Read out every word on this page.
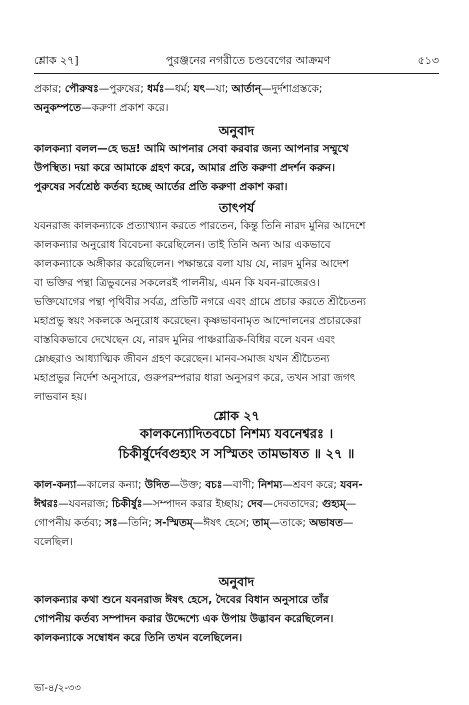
শ্লোক ২৭]	পুরঞ্জনের নগরীতে চণ্ডবেগের আক্রমণ	৫১৩

প্রকার; পৌরুষঃ—পুরুষের; ধর্মঃ—ধর্ম; যৎ—যা; আর্তান্—দুর্দশাগ্রস্তকে;

অনুকম্পতে—করুণা প্রকাশ করে।

অনুবাদ

কালকন্যা বলল—হে ভদ্র! আমি আপনার সেবা করবার জন্য আপনার সম্মুখে

উপস্থিত। দয়া করে আমাকে গ্রহণ করে, আমার প্রতি করুণা প্রদর্শন করুন।

পুরুষের সর্বশ্রেষ্ঠ কর্তব্য হচ্ছে আর্তের প্রতি করুণা প্রকাশ করা।

তাৎপর্য

যবনরাজ কালকন্যাকে প্রত্যাখ্যান করতে পারতেন, কিন্তু তিনি নারদ মুনির আদেশে

কালকন্যার অনুরোধ বিবেচনা করেছিলেন। তাই তিনি অন্য আর একভাবে

কালকন্যাকে অঙ্গীকার করেছিলেন। পক্ষান্তরে বলা যায় যে, নারদ মুনির আদেশ

বা ভক্তির পন্থা ত্রিভুবনের সকলেরই পালনীয়, এমন কি যবন-রাজেরও।

ভক্তিযোগের পন্থা পৃথিবীর সর্বত্র, প্রতিটি নগরে এবং গ্রামে প্রচার করতে শ্রীচৈতন্য

মহাপ্রভু স্বয়ং সকলকে অনুরোধ করেছেন। কৃষ্ণভাবনামৃত আন্দোলনের প্রচারকেরা

বাস্তবিকভাবে দেখেছেন যে, নারদ মুনির পাঞ্চরাত্রিক-বিধির বলে যবন এবং

ম্লেচ্ছরাও আধ্যাত্মিক জীবন গ্রহণ করেছেন। মানব-সমাজ যখন শ্রীচৈতন্য

মহাপ্রভুর নির্দেশ অনুসারে, গুরুপরম্পরার ধারা অনুসরণ করে, তখন সারা জগৎ

লাভবান হয়।

শ্লোক ২৭

কালকন্যোদিতবচো নিশম্য যবনেশ্বরঃ ।

চিকীর্ষুর্দেবগুহ্যং স সস্মিতং তামভাষত ॥ ২৭ ॥

কাল-কন্যা—কালের কন্যা; উদিত—উক্ত; বচঃ—বাণী; নিশম্য—শ্রবণ করে; যবন-

ঈশ্বরঃ—যবনরাজ; চিকীর্ষুঃ—সম্পাদন করার ইচ্ছায়; দেব—দেবতাদের; গুহ্যম্—

গোপনীয় কর্তব্য; সঃ—তিনি; স-স্মিতম্—ঈষৎ হেসে; তাম্—তাকে; অভাষত—

বলেছিল।

অনুবাদ

কালকন্যার কথা শুনে যবনরাজ ঈষৎ হেসে, দৈবের বিধান অনুসারে তাঁর

গোপনীয় কর্তব্য সম্পাদন করার উদ্দেশ্যে এক উপায় উদ্ভাবন করেছিলেন।

কালকন্যাকে সম্বোধন করে তিনি তখন বলেছিলেন।

ভা-৪/২-৩৩
